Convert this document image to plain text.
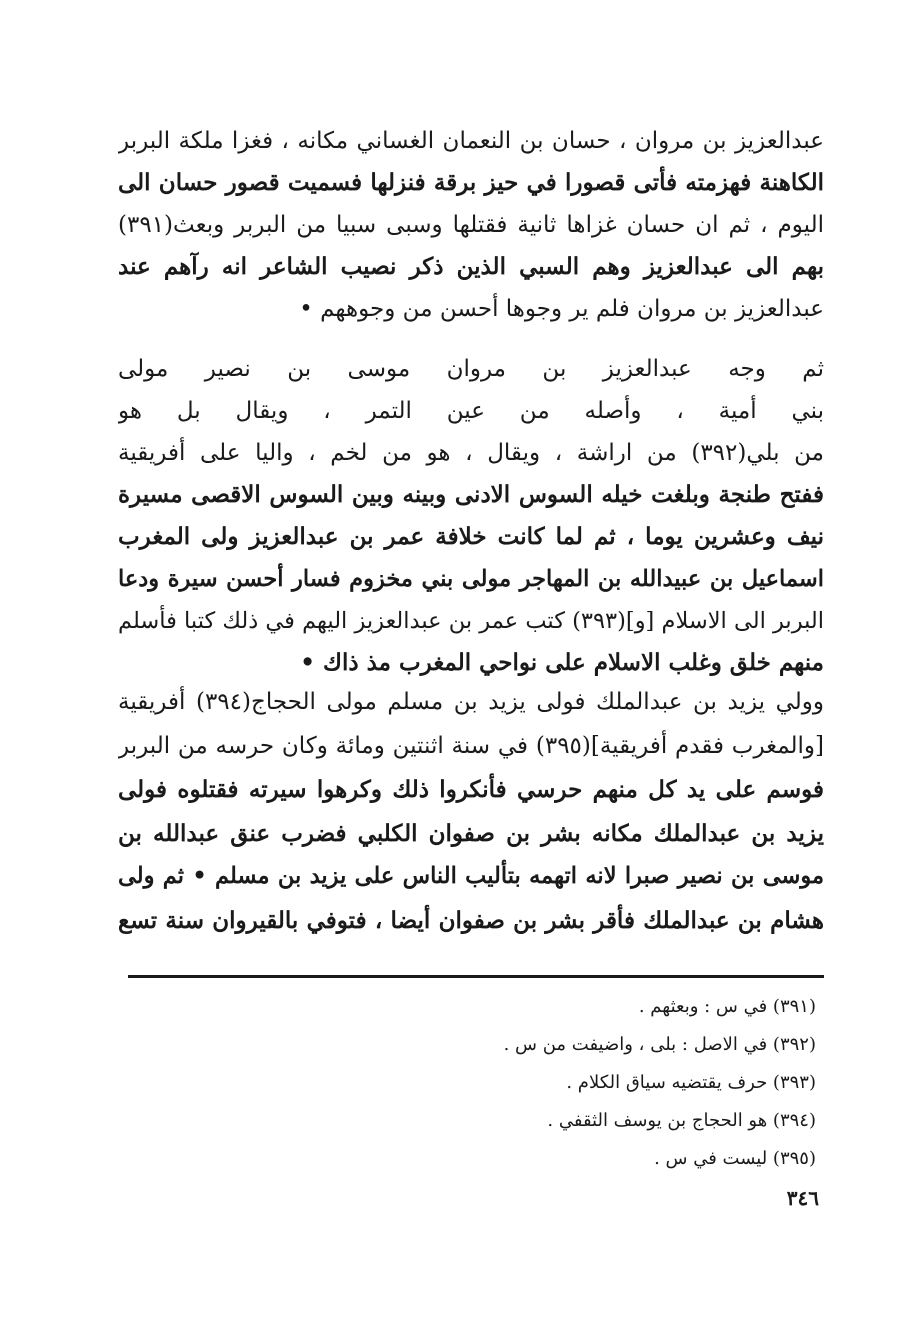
عبدالعزيز بن مروان ، حسان بن النعمان الغساني مكانه ، فغزا ملكة البربر
الكاهنة فهزمته فأتى قصورا في حيز برقة فنزلها فسميت قصور حسان الى
اليوم ، ثم ان حسان غزاها ثانية فقتلها وسبى سبيا من البربر وبعث(٣٩١)
بهم الى عبدالعزيز وهم السبي الذين ذكر نصيب الشاعر انه رآهم عند
عبدالعزيز بن مروان فلم ير وجوها أحسن من وجوههم •
ثم وجه عبدالعزيز بن مروان موسى بن نصير مولى
بني أمية ، وأصله من عين التمر ، ويقال بل هو
من بلي(٣٩٢) من اراشة ، ويقال ، هو من لخم ، واليا على أفريقية
ففتح طنجة وبلغت خيله السوس الادنى وبينه وبين السوس الاقصى مسيرة
نيف وعشرين يوما ، ثم لما كانت خلافة عمر بن عبدالعزيز ولى المغرب
اسماعيل بن عبيدالله بن المهاجر مولى بني مخزوم فسار أحسن سيرة ودعا
البربر الى الاسلام [و](٣٩٣) كتب عمر بن عبدالعزيز اليهم في ذلك كتبا فأسلم
منهم خلق وغلب الاسلام على نواحي المغرب مذ ذاك •
وولي يزيد بن عبدالملك فولى يزيد بن مسلم مولى الحجاج(٣٩٤) أفريقية
[والمغرب فقدم أفريقية](٣٩٥) في سنة اثنتين ومائة وكان حرسه من البربر
فوسم على يد كل منهم حرسي فأنكروا ذلك وكرهوا سيرته فقتلوه فولى
يزيد بن عبدالملك مكانه بشر بن صفوان الكلبي فضرب عنق عبدالله بن
موسى بن نصير صبرا لانه اتهمه بتأليب الناس على يزيد بن مسلم • ثم ولى
هشام بن عبدالملك فأقر بشر بن صفوان أيضا ، فتوفي بالقيروان سنة تسع
(٣٩١) في س : وبعثهم .
(٣٩٢) في الاصل : بلى ، واضيفت من س .
(٣٩٣) حرف يقتضيه سياق الكلام .
(٣٩٤) هو الحجاج بن يوسف الثقفي .
(٣٩٥) ليست في س .
٣٤٦
